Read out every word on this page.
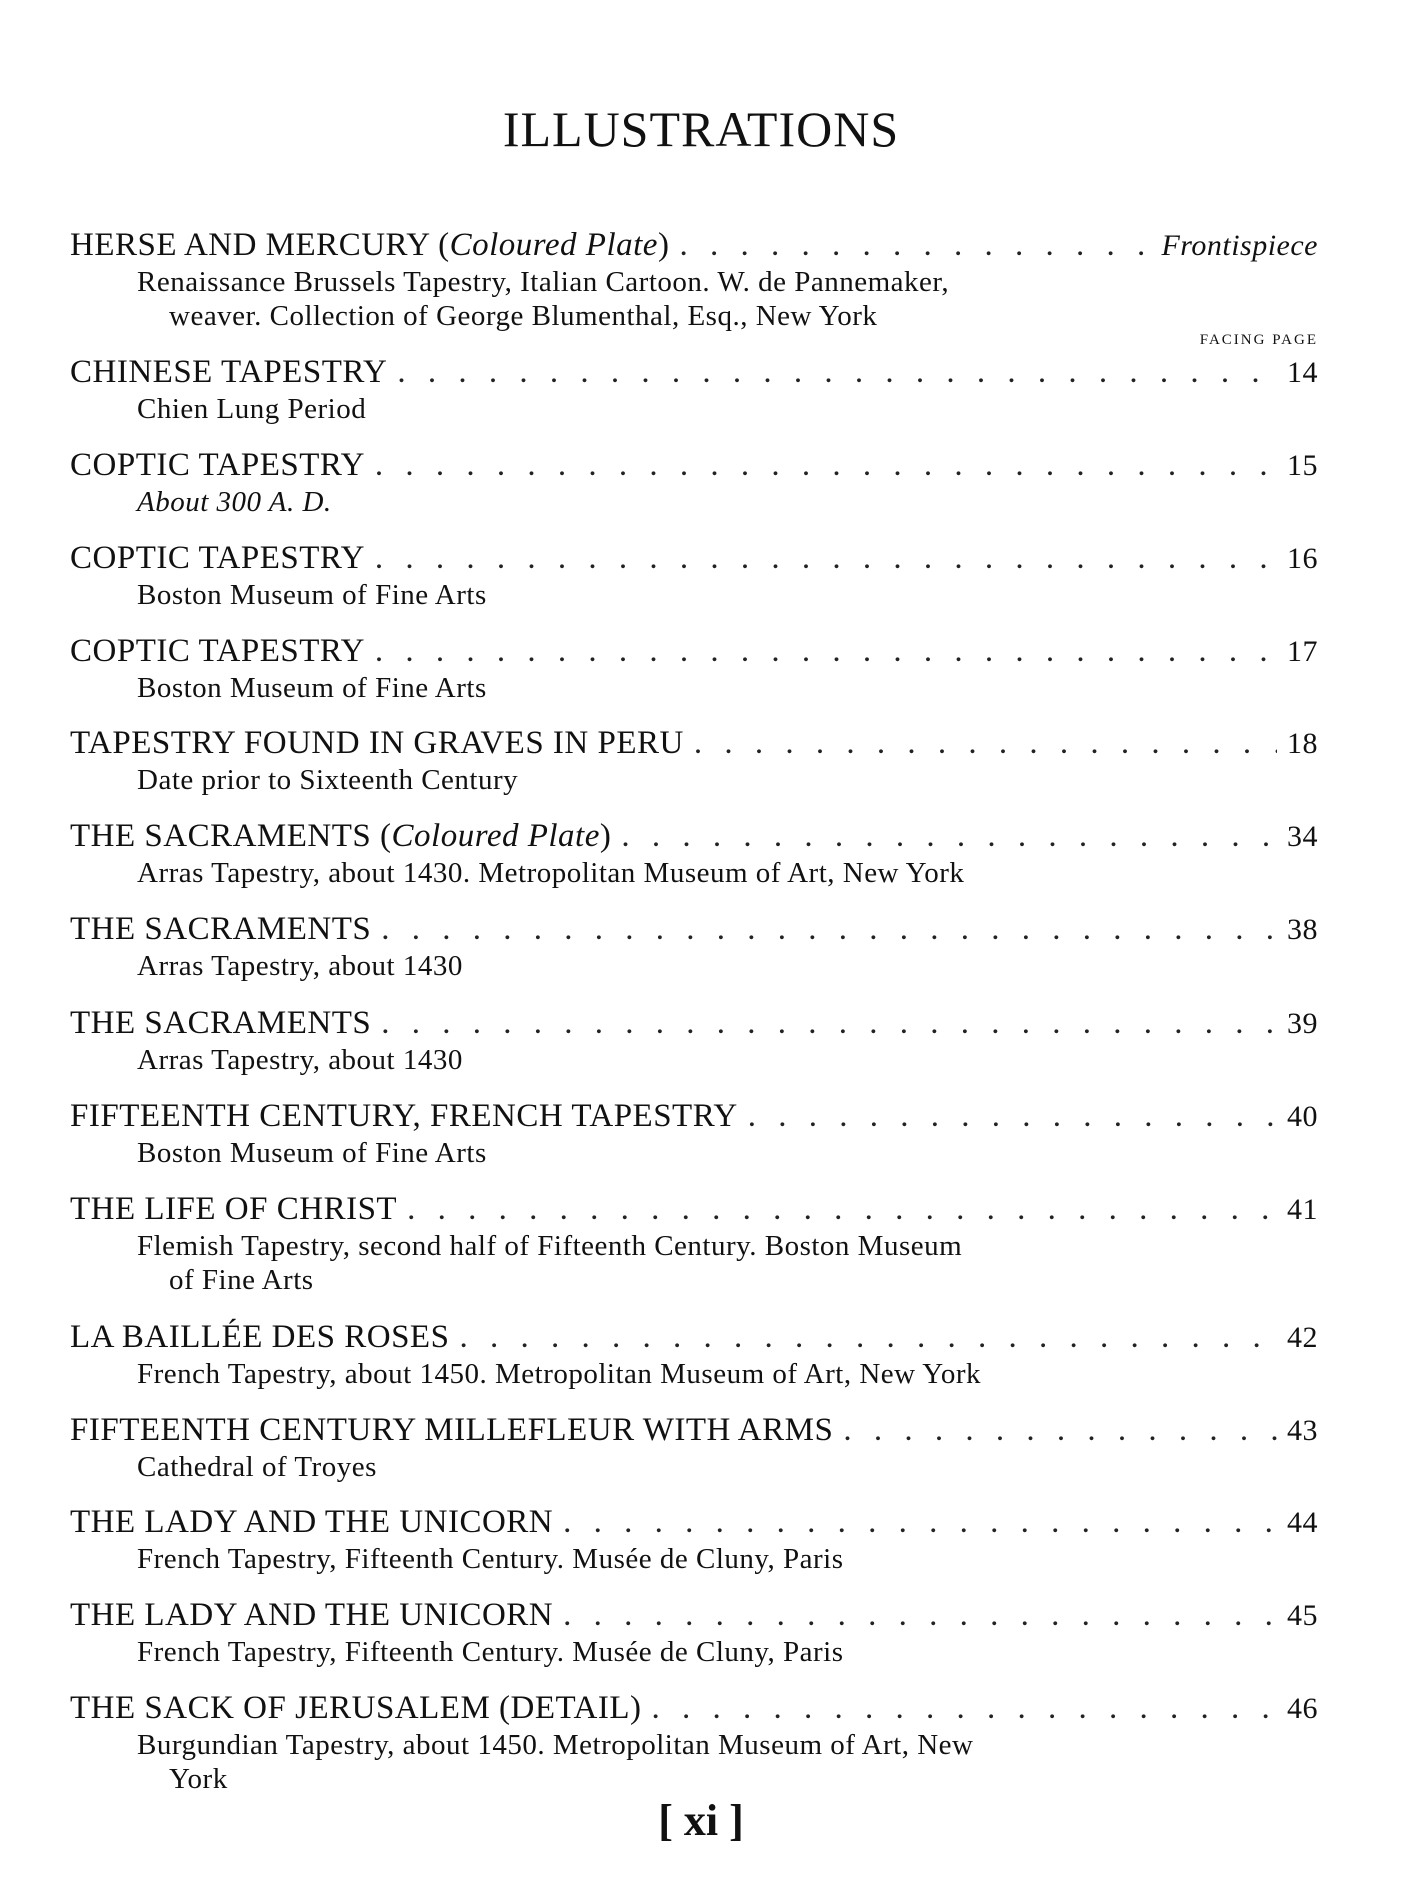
ILLUSTRATIONS
FACING PAGE
HERSE AND MERCURY (Coloured Plate) . . .	Frontispiece
Renaissance Brussels Tapestry, Italian Cartoon. W. de Pannemaker,
weaver. Collection of George Blumenthal, Esq., New York
CHINESE TAPESTRY . . .	14
Chien Lung Period
COPTIC TAPESTRY . . .	15
About 300 A. D.
COPTIC TAPESTRY . . .	16
Boston Museum of Fine Arts
COPTIC TAPESTRY . . .	17
Boston Museum of Fine Arts
TAPESTRY FOUND IN GRAVES IN PERU . . .	18
Date prior to Sixteenth Century
THE SACRAMENTS (Coloured Plate) . . .	34
Arras Tapestry, about 1430. Metropolitan Museum of Art, New York
THE SACRAMENTS . . .	38
Arras Tapestry, about 1430
THE SACRAMENTS . . .	39
Arras Tapestry, about 1430
FIFTEENTH CENTURY, FRENCH TAPESTRY . . .	40
Boston Museum of Fine Arts
THE LIFE OF CHRIST . . .	41
Flemish Tapestry, second half of Fifteenth Century. Boston Museum
of Fine Arts
LA BAILLÉE DES ROSES . . .	42
French Tapestry, about 1450. Metropolitan Museum of Art, New York
FIFTEENTH CENTURY MILLEFLEUR WITH ARMS . . .	43
Cathedral of Troyes
THE LADY AND THE UNICORN . . .	44
French Tapestry, Fifteenth Century. Musée de Cluny, Paris
THE LADY AND THE UNICORN . . .	45
French Tapestry, Fifteenth Century. Musée de Cluny, Paris
THE SACK OF JERUSALEM (DETAIL) . . .	46
Burgundian Tapestry, about 1450. Metropolitan Museum of Art, New
York
[ xi ]
